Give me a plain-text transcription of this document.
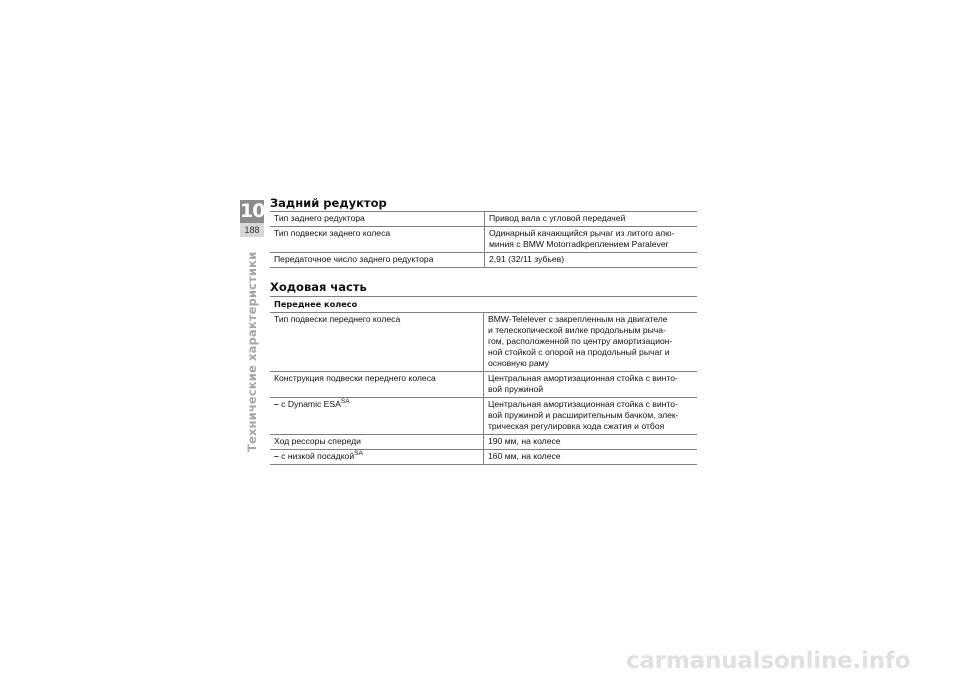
10
188
Технические характеристики
Задний редуктор
Тип заднего редуктора	Привод вала с угловой передачей
Тип подвески заднего колеса	Одинарный качающийся рычаг из литого алю-
миния с BMW Motorradkреплением Paralever
Передаточное число заднего редуктора	2,91 (32/11 зубьев)
Ходовая часть
Переднее колесо	
Тип подвески переднего колеса	BMW-Telelever с закрепленным на двигателе
и телескопической вилке продольным рыча-
гом, расположенной по центру амортизацион-
ной стойкой с опорой на продольный рычаг и
основную раму
Конструкция подвески переднего колеса	Центральная амортизационная стойка с винто-
вой пружиной
– с Dynamic $ESA^{SA}$	Центральная амортизационная стойка с винто-
вой пружиной и расширительным бачком, элек-
трическая регулировка хода сжатия и отбоя
Ход рессоры спереди	190 мм, на колесе
– с низкой посадкой$^{SA}$	160 мм, на колесе
carmanualsonline.info
